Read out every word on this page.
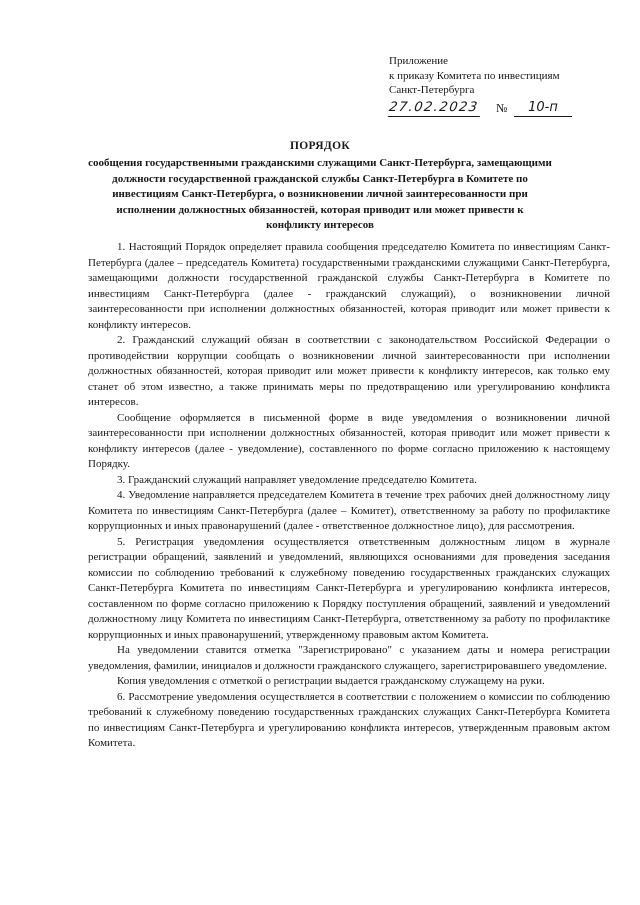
Приложение
к приказу Комитета по инвестициям
Санкт-Петербурга
27.02.2023 №	10-п
ПОРЯДОК
сообщения государственными гражданскими служащими Санкт-Петербурга, замещающими должности государственной гражданской службы Санкт-Петербурга в Комитете по инвестициям Санкт-Петербурга, о возникновении личной заинтересованности при исполнении должностных обязанностей, которая приводит или может привести к конфликту интересов

1. Настоящий Порядок определяет правила сообщения председателю Комитета по инвестициям Санкт-Петербурга (далее – председатель Комитета) государственными гражданскими служащими Санкт-Петербурга, замещающими должности государственной гражданской службы Санкт-Петербурга в Комитете по инвестициям Санкт-Петербурга (далее - гражданский служащий), о возникновении личной заинтересованности при исполнении должностных обязанностей, которая приводит или может привести к конфликту интересов.

2. Гражданский служащий обязан в соответствии с законодательством Российской Федерации о противодействии коррупции сообщать о возникновении личной заинтересованности при исполнении должностных обязанностей, которая приводит или может привести к конфликту интересов, как только ему станет об этом известно, а также принимать меры по предотвращению или урегулированию конфликта интересов.

Сообщение оформляется в письменной форме в виде уведомления о возникновении личной заинтересованности при исполнении должностных обязанностей, которая приводит или может привести к конфликту интересов (далее - уведомление), составленного по форме согласно приложению к настоящему Порядку.

3. Гражданский служащий направляет уведомление председателю Комитета.

4. Уведомление направляется председателем Комитета в течение трех рабочих дней должностному лицу Комитета по инвестициям Санкт-Петербурга (далее – Комитет), ответственному за работу по профилактике коррупционных и иных правонарушений (далее - ответственное должностное лицо), для рассмотрения.

5. Регистрация уведомления осуществляется ответственным должностным лицом в журнале регистрации обращений, заявлений и уведомлений, являющихся основаниями для проведения заседания комиссии по соблюдению требований к служебному поведению государственных гражданских служащих Санкт-Петербурга Комитета по инвестициям Санкт-Петербурга и урегулированию конфликта интересов, составленном по форме согласно приложению к Порядку поступления обращений, заявлений и уведомлений должностному лицу Комитета по инвестициям Санкт-Петербурга, ответственному за работу по профилактике коррупционных и иных правонарушений, утвержденному правовым актом Комитета.

На уведомлении ставится отметка "Зарегистрировано" с указанием даты и номера регистрации уведомления, фамилии, инициалов и должности гражданского служащего, зарегистрировавшего уведомление.

Копия уведомления с отметкой о регистрации выдается гражданскому служащему на руки.

6. Рассмотрение уведомления осуществляется в соответствии с положением о комиссии по соблюдению требований к служебному поведению государственных гражданских служащих Санкт-Петербурга Комитета по инвестициям Санкт-Петербурга и урегулированию конфликта интересов, утвержденным правовым актом Комитета.
